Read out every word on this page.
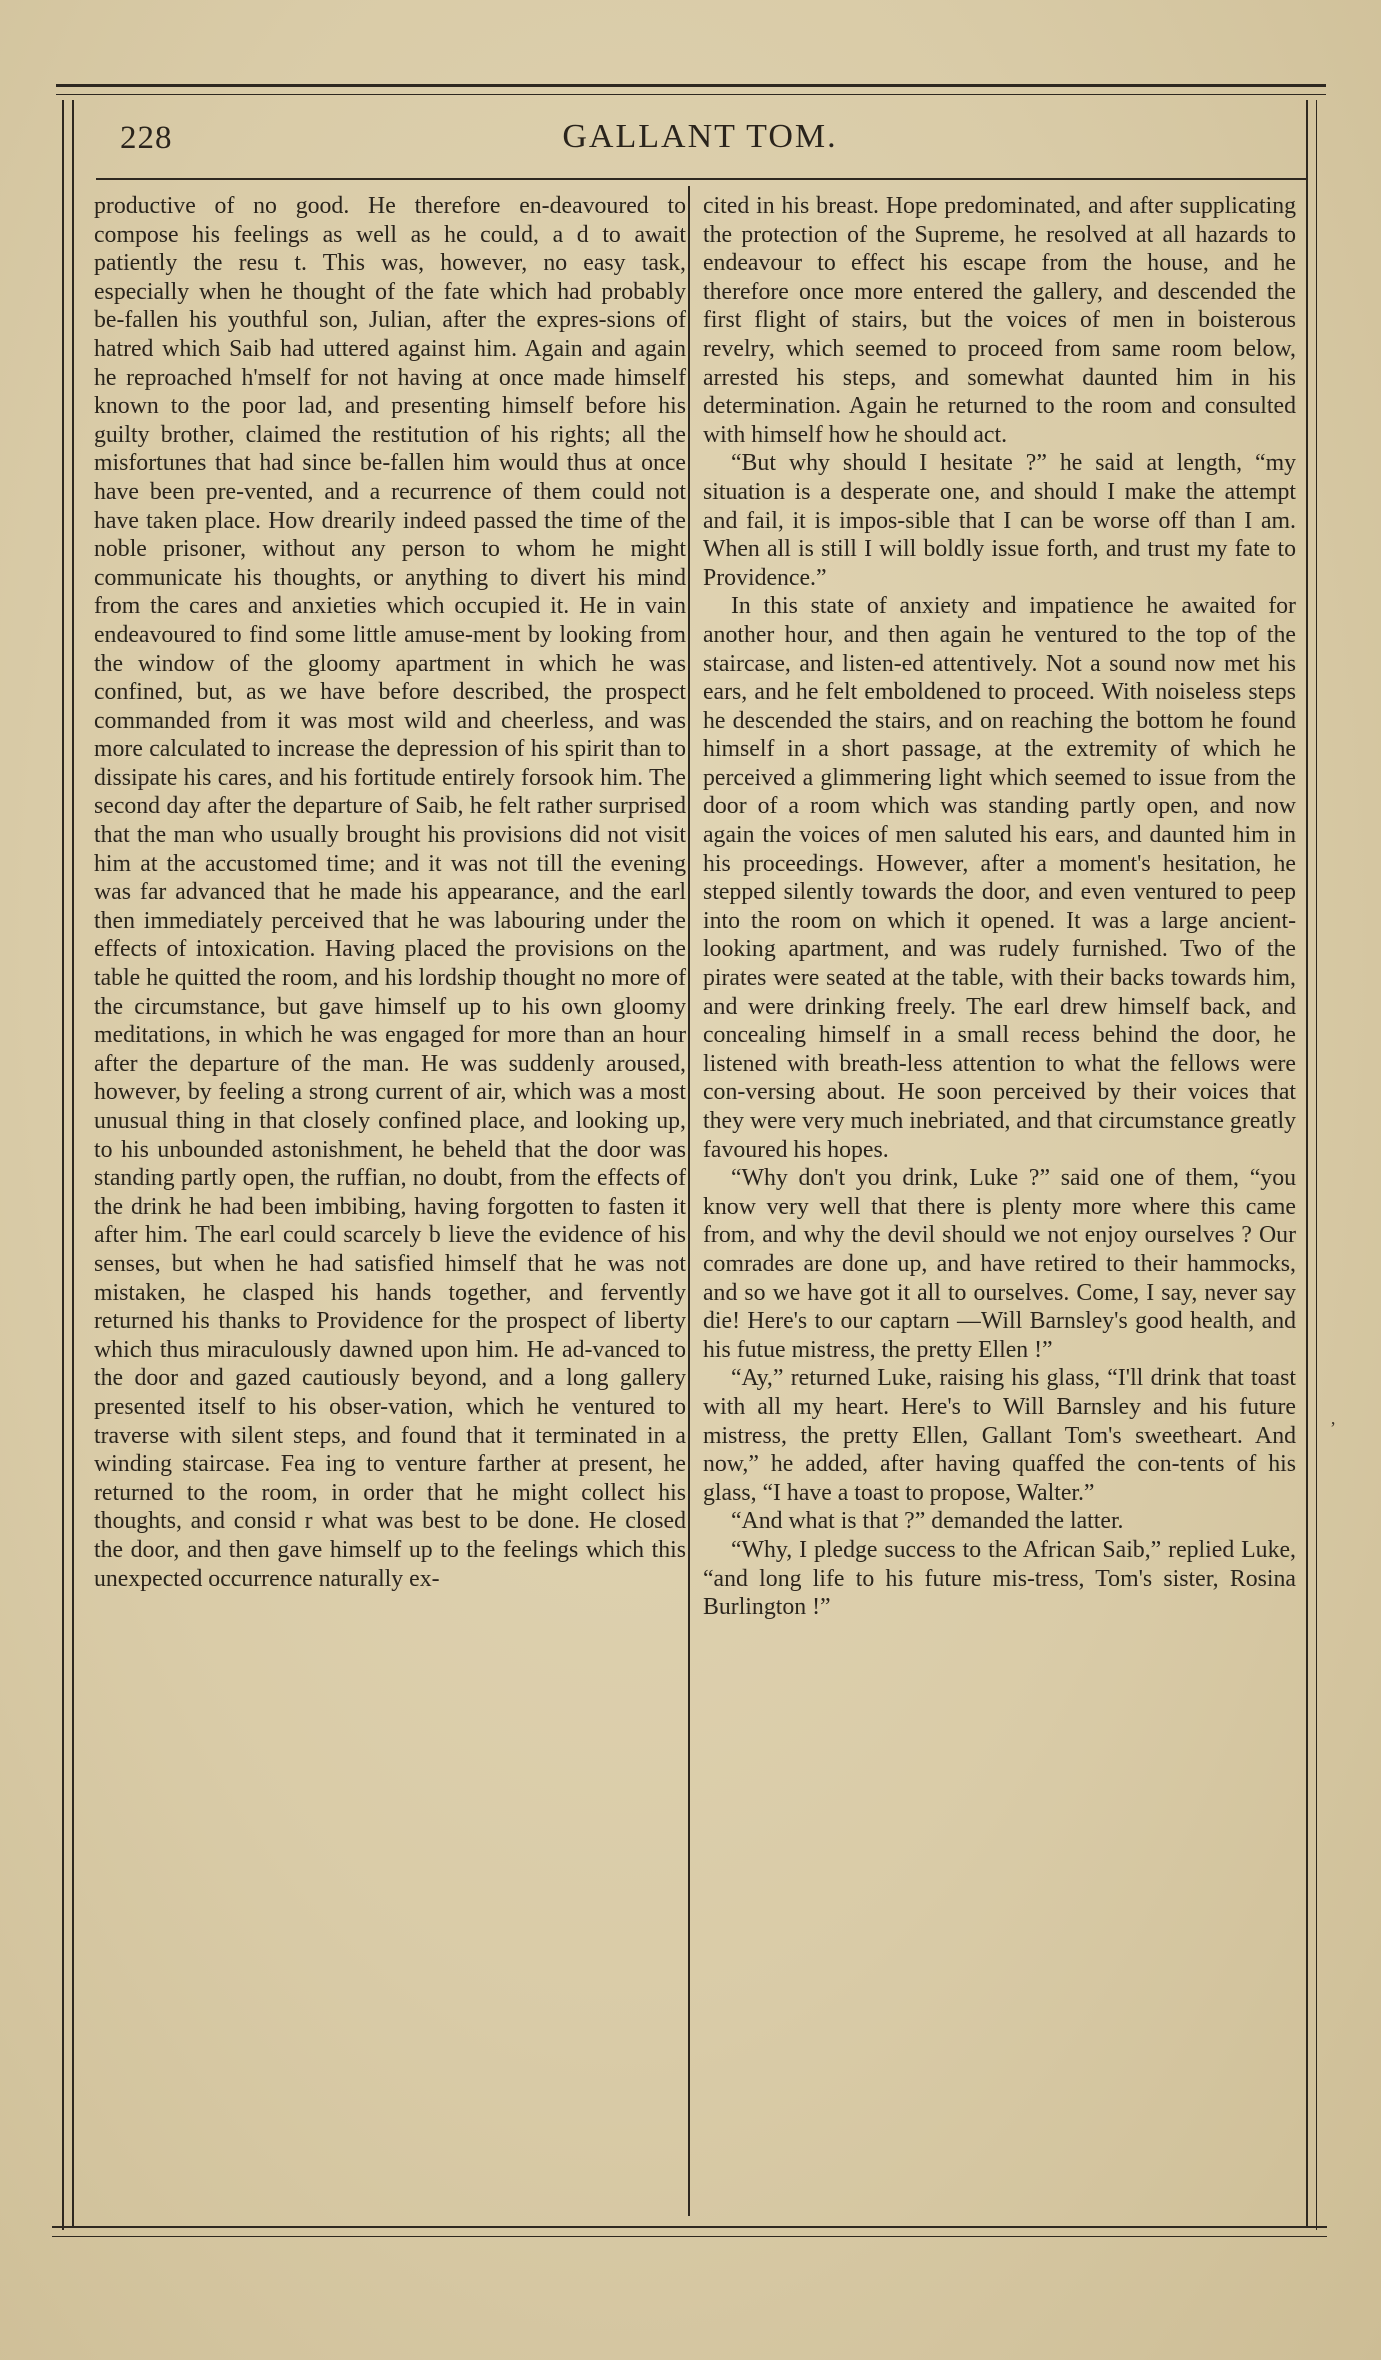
228	GALLANT TOM.

productive of no good. He therefore en-deavoured to compose his feelings as well as he could, a d to await patiently the resu t. This was, however, no easy task, especially when he thought of the fate which had probably be-fallen his youthful son, Julian, after the expres-sions of hatred which Saib had uttered against him. Again and again he reproached h'mself for not having at once made himself known to the poor lad, and presenting himself before his guilty brother, claimed the restitution of his rights; all the misfortunes that had since be-fallen him would thus at once have been pre-vented, and a recurrence of them could not have taken place. How drearily indeed passed the time of the noble prisoner, without any person to whom he might communicate his thoughts, or anything to divert his mind from the cares and anxieties which occupied it. He in vain endeavoured to find some little amuse-ment by looking from the window of the gloomy apartment in which he was confined, but, as we have before described, the prospect commanded from it was most wild and cheerless, and was more calculated to increase the depression of his spirit than to dissipate his cares, and his fortitude entirely forsook him. The second day after the departure of Saib, he felt rather surprised that the man who usually brought his provisions did not visit him at the accustomed time; and it was not till the evening was far advanced that he made his appearance, and the earl then immediately perceived that he was labouring under the effects of intoxication. Having placed the provisions on the table he quitted the room, and his lordship thought no more of the circumstance, but gave himself up to his own gloomy meditations, in which he was engaged for more than an hour after the departure of the man. He was suddenly aroused, however, by feeling a strong current of air, which was a most unusual thing in that closely confined place, and looking up, to his unbounded astonishment, he beheld that the door was standing partly open, the ruffian, no doubt, from the effects of the drink he had been imbibing, having forgotten to fasten it after him. The earl could scarcely b lieve the evidence of his senses, but when he had satisfied himself that he was not mistaken, he clasped his hands together, and fervently returned his thanks to Providence for the prospect of liberty which thus miraculously dawned upon him. He ad-vanced to the door and gazed cautiously beyond, and a long gallery presented itself to his obser-vation, which he ventured to traverse with silent steps, and found that it terminated in a winding staircase. Fea ing to venture farther at present, he returned to the room, in order that he might collect his thoughts, and consid r what was best to be done. He closed the door, and then gave himself up to the feelings which this unexpected occurrence naturally ex-

cited in his breast. Hope predominated, and after supplicating the protection of the Supreme, he resolved at all hazards to endeavour to effect his escape from the house, and he therefore once more entered the gallery, and descended the first flight of stairs, but the voices of men in boisterous revelry, which seemed to proceed from same room below, arrested his steps, and somewhat daunted him in his determination. Again he returned to the room and consulted with himself how he should act.

“But why should I hesitate ?” he said at length, “my situation is a desperate one, and should I make the attempt and fail, it is impos-sible that I can be worse off than I am. When all is still I will boldly issue forth, and trust my fate to Providence.”

In this state of anxiety and impatience he awaited for another hour, and then again he ventured to the top of the staircase, and listen-ed attentively. Not a sound now met his ears, and he felt emboldened to proceed. With noiseless steps he descended the stairs, and on reaching the bottom he found himself in a short passage, at the extremity of which he perceived a glimmering light which seemed to issue from the door of a room which was standing partly open, and now again the voices of men saluted his ears, and daunted him in his proceedings. However, after a moment's hesitation, he stepped silently towards the door, and even ventured to peep into the room on which it opened. It was a large ancient-looking apartment, and was rudely furnished. Two of the pirates were seated at the table, with their backs towards him, and were drinking freely. The earl drew himself back, and concealing himself in a small recess behind the door, he listened with breath-less attention to what the fellows were con-versing about. He soon perceived by their voices that they were very much inebriated, and that circumstance greatly favoured his hopes.

“Why don't you drink, Luke ?” said one of them, “you know very well that there is plenty more where this came from, and why the devil should we not enjoy ourselves ? Our comrades are done up, and have retired to their hammocks, and so we have got it all to ourselves. Come, I say, never say die! Here's to our captarn —Will Barnsley's good health, and his futue mistress, the pretty Ellen !”

“Ay,” returned Luke, raising his glass, “I'll drink that toast with all my heart. Here's to Will Barnsley and his future mistress, the pretty Ellen, Gallant Tom's sweetheart. And now,” he added, after having quaffed the con-tents of his glass, “I have a toast to propose, Walter.”

“And what is that ?” demanded the latter.

“Why, I pledge success to the African Saib,” replied Luke, “and long life to his future mis-tress, Tom's sister, Rosina Burlington !”

’
